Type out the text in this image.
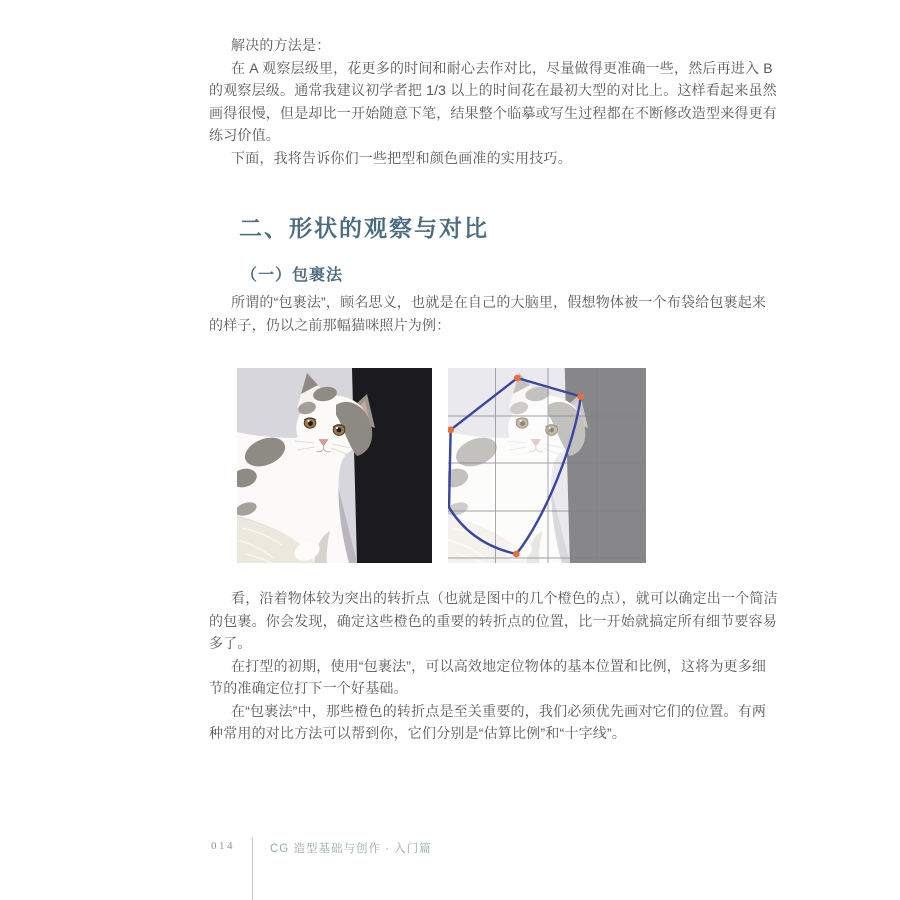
解决的方法是：
在 A 观察层级里，花更多的时间和耐心去作对比，尽量做得更准确一些，然后再进入 B
的观察层级。通常我建议初学者把 1/3 以上的时间花在最初大型的对比上。这样看起来虽然
画得很慢，但是却比一开始随意下笔，结果整个临摹或写生过程都在不断修改造型来得更有
练习价值。
下面，我将告诉你们一些把型和颜色画准的实用技巧。
二、形状的观察与对比
（一）包裹法
所谓的“包裹法”，顾名思义，也就是在自己的大脑里，假想物体被一个布袋给包裹起来
的样子，仍以之前那幅猫咪照片为例：
看，沿着物体较为突出的转折点（也就是图中的几个橙色的点），就可以确定出一个简洁
的包裹。你会发现，确定这些橙色的重要的转折点的位置，比一开始就搞定所有细节要容易
多了。
在打型的初期，使用“包裹法”，可以高效地定位物体的基本位置和比例，这将为更多细
节的准确定位打下一个好基础。
在“包裹法”中，那些橙色的转折点是至关重要的，我们必须优先画对它们的位置。有两
种常用的对比方法可以帮到你，它们分别是“估算比例”和“十字线”。
014	CG 造型基础与创作 · 入门篇
